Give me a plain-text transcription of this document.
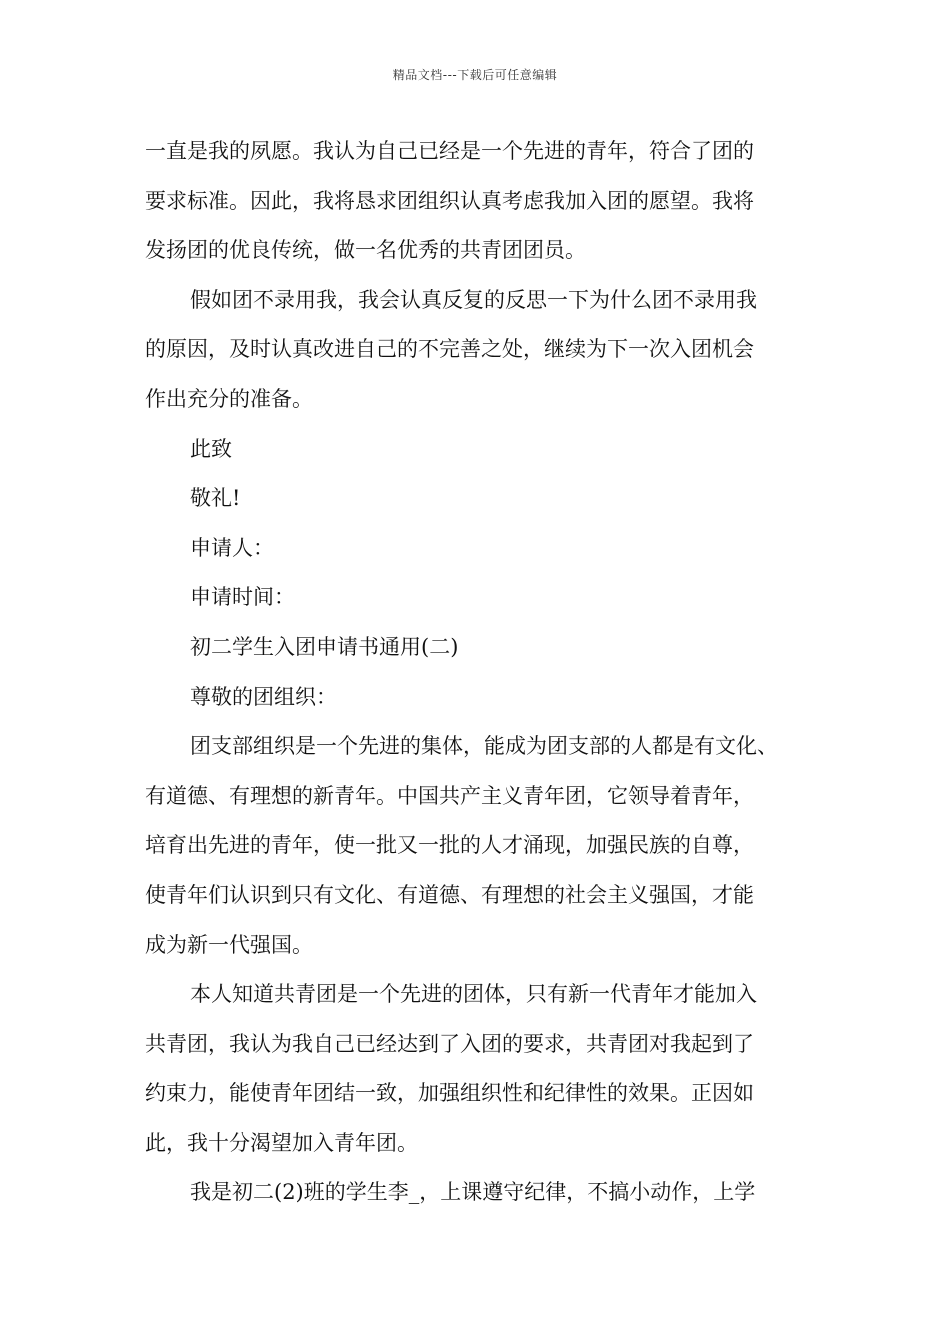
精品文档---下载后可任意编辑
一直是我的夙愿。我认为自己已经是一个先进的青年，符合了团的
要求标准。因此，我将恳求团组织认真考虑我加入团的愿望。我将
发扬团的优良传统，做一名优秀的共青团团员。
假如团不录用我，我会认真反复的反思一下为什么团不录用我
的原因，及时认真改进自己的不完善之处，继续为下一次入团机会
作出充分的准备。
此致
敬礼!
申请人：
申请时间：
初二学生入团申请书通用(二)
尊敬的团组织：
团支部组织是一个先进的集体，能成为团支部的人都是有文化、
有道德、有理想的新青年。中国共产主义青年团，它领导着青年，
培育出先进的青年，使一批又一批的人才涌现，加强民族的自尊，
使青年们认识到只有文化、有道德、有理想的社会主义强国，才能
成为新一代强国。
本人知道共青团是一个先进的团体，只有新一代青年才能加入
共青团，我认为我自己已经达到了入团的要求，共青团对我起到了
约束力，能使青年团结一致，加强组织性和纪律性的效果。正因如
此，我十分渴望加入青年团。
我是初二(2)班的学生李_，上课遵守纪律，不搞小动作，上学
